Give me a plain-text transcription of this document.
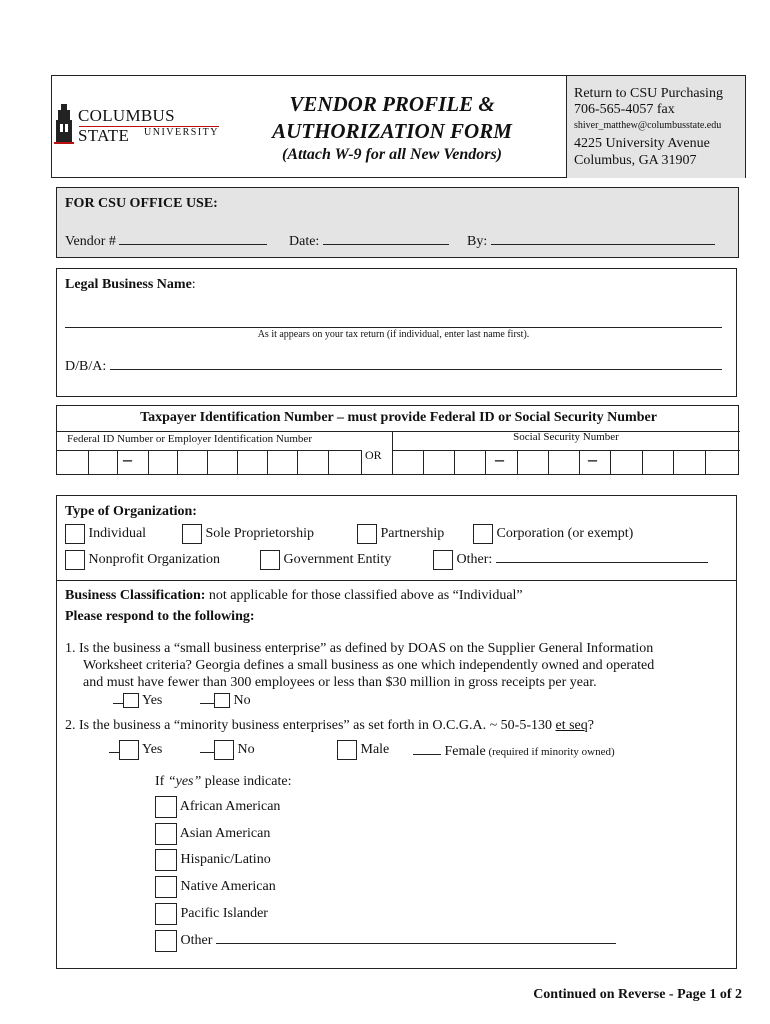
COLUMBUS STATE	UNIVERSITY
VENDOR PROFILE &
AUTHORIZATION FORM
(Attach W-9 for all New Vendors)
Return to CSU Purchasing
706-565-4057 fax
shiver_matthew@columbusstate.edu
4225 University Avenue
Columbus, GA 31907
FOR CSU OFFICE USE:
Vendor #	Date:	By:
Legal Business Name:
As it appears on your tax return (if individual, enter last name first).
D/B/A:
Taxpayer Identification Number – must provide Federal ID or Social Security Number
Federal ID Number or Employer Identification Number	Social Security Number
OR
–	–	–
Type of Organization:
Individual	Sole Proprietorship	Partnership	Corporation (or exempt)
Nonprofit Organization	Government Entity	Other:
Business Classification: not applicable for those classified above as “Individual”
Please respond to the following:
1. Is the business a “small business enterprise” as defined by DOAS on the Supplier General Information
Worksheet criteria? Georgia defines a small business as one which independently owned and operated
and must have fewer than 300 employees or less than $30 million in gross receipts per year.
Yes	No
2. Is the business a “minority business enterprises” as set forth in O.C.G.A. ~ 50-5-130 et seq?
Yes	No	Male	Female (required if minority owned)
If “yes” please indicate:
African American
Asian American
Hispanic/Latino
Native American
Pacific Islander
Other
Continued on Reverse - Page 1 of 2
